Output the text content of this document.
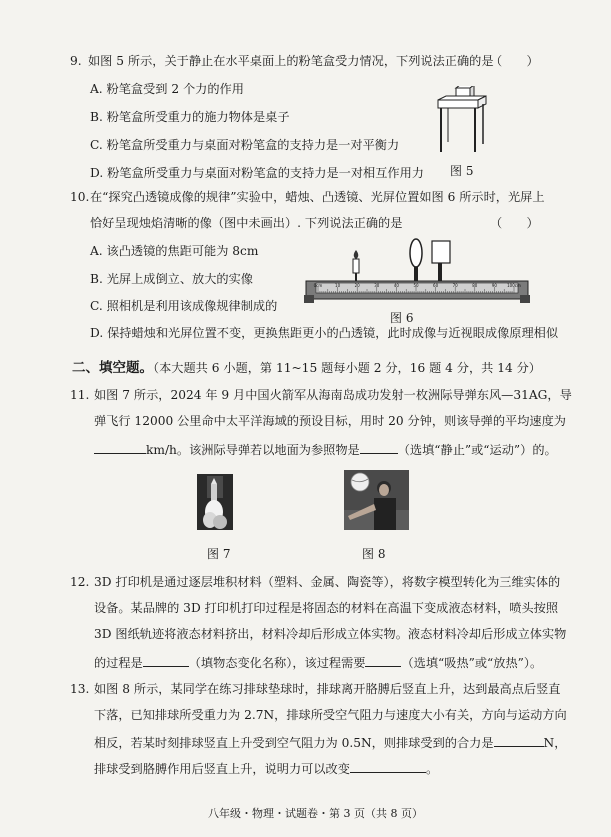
9. 如图 5 所示，关于静止在水平桌面上的粉笔盒受力情况，下列说法正确的是
（　　）
A. 粉笔盒受到 2 个力的作用
B. 粉笔盒所受重力的施力物体是桌子
C. 粉笔盒所受重力与桌面对粉笔盒的支持力是一对平衡力
D. 粉笔盒所受重力与桌面对粉笔盒的支持力是一对相互作用力 图 5
10. 在“探究凸透镜成像的规律”实验中，蜡烛、凸透镜、光屏位置如图 6 所示时，光屏上
恰好呈现烛焰清晰的像（图中未画出）. 下列说法正确的是	（　　）
A. 该凸透镜的焦距可能为 8cm
B. 光屏上成倒立、放大的实像
C. 照相机是利用该成像规律制成的
D. 保持蜡烛和光屏位置不变，更换焦距更小的凸透镜，此时成像与近视眼成像原理相似
0cm	10	20	30	40	50	60	70	80	90	100cm
图 6
二、填空题。（本大题共 6 小题，第 11~15 题每小题 2 分，16 题 4 分，共 14 分）
11. 如图 7 所示，2024 年 9 月中国火箭军从海南岛成功发射一枚洲际导弹东风—31AG，导
弹飞行 12000 公里命中太平洋海域的预设目标，用时 20 分钟，则该导弹的平均速度为
km/h。该洲际导弹若以地面为参照物是	（选填“静止”或“运动”）的。
图 7	图 8
12. 3D 打印机是通过逐层堆积材料（塑料、金属、陶瓷等），将数字模型转化为三维实体的
设备。某品牌的 3D 打印机打印过程是将固态的材料在高温下变成液态材料，喷头按照
3D 图纸轨迹将液态材料挤出，材料冷却后形成立体实物。液态材料冷却后形成立体实物
的过程是	（填物态变化名称），该过程需要	（选填“吸热”或“放热”）。
13. 如图 8 所示，某同学在练习排球垫球时，排球离开胳膊后竖直上升，达到最高点后竖直
下落，已知排球所受重力为 2.7N，排球所受空气阻力与速度大小有关，方向与运动方向
相反，若某时刻排球竖直上升受到空气阻力为 0.5N，则排球受到的合力是	N，
排球受到胳膊作用后竖直上升，说明力可以改变	。
八年级・物理・试题卷・第 3 页（共 8 页）
